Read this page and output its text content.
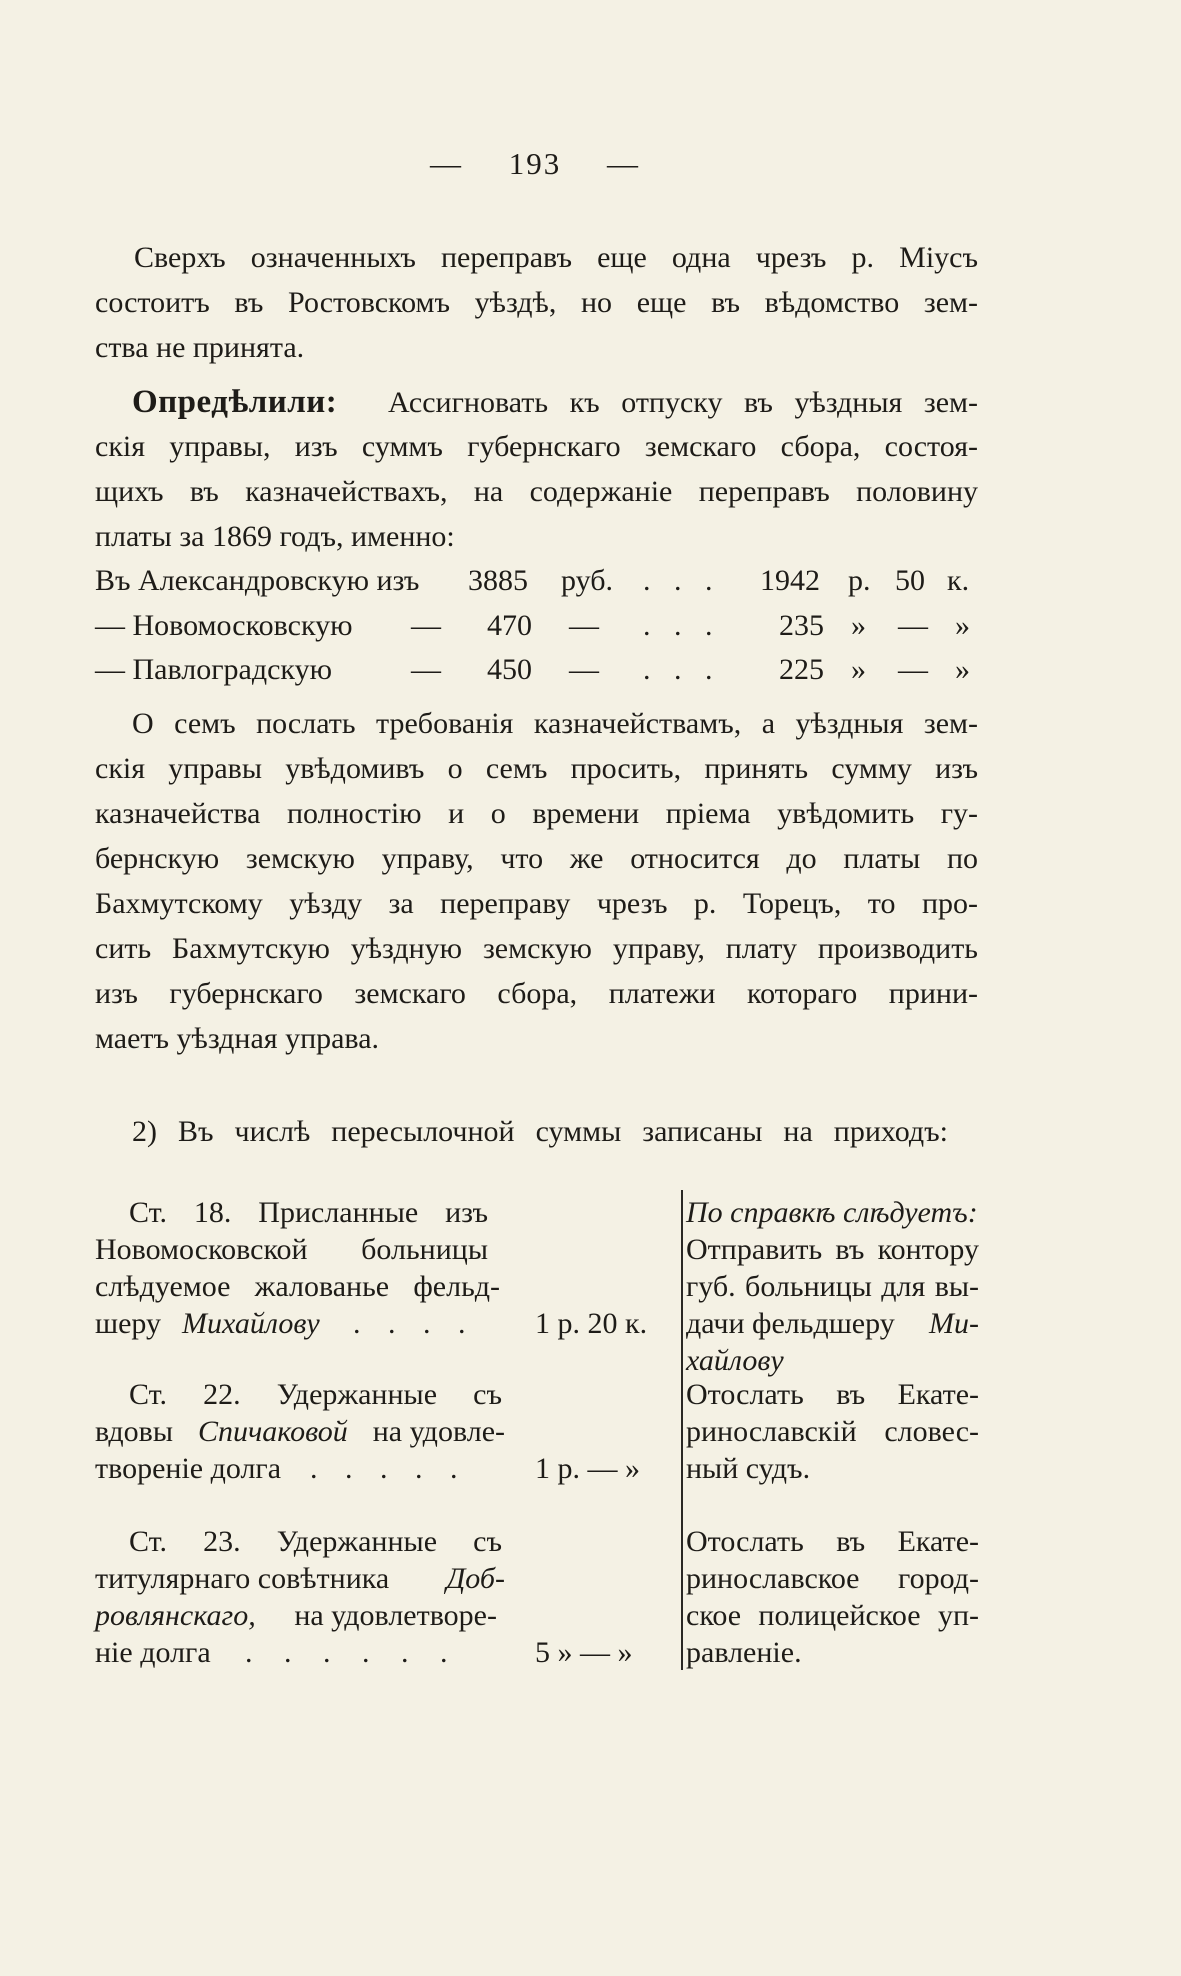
— 193 —
Сверхъ означенныхъ переправъ еще одна чрезъ р. Міусъ
состоитъ въ Ростовскомъ уѣздѣ, но еще въ вѣдомство зем-
ства не принята.
Опредѣлили: Ассигновать къ отпуску въ уѣздныя зем-
скія управы, изъ суммъ губернскаго земскаго сбора, состоя-
щихъ въ казначействахъ, на содержаніе переправъ половину
платы за 1869 годъ, именно:
Въ Александровскую изъ 3885 руб. . . . 1942 р. 50 к.
— Новомосковскую — 470 — . . . 235 » — »
— Павлоградскую	— 450 — . . . 225 » — »
О семъ послать требованія казначействамъ, а уѣздныя зем-
скія управы увѣдомивъ о семъ просить, принять сумму изъ
казначейства полностію и о времени пріема увѣдомить гу-
бернскую земскую управу, что же относится до платы по
Бахмутскому уѣзду за переправу чрезъ р. Торецъ, то про-
сить Бахмутскую уѣздную земскую управу, плату производить
изъ губернскаго земскаго сбора, платежи котораго прини-
маетъ уѣздная управа.
2) Въ числѣ пересылочной суммы записаны на приходъ:
Ст. 18. Присланные изъ
Новомосковской больницы
слѣдуемое жалованье фельд-
шеру Михайлову . . . . 1 р. 20 к.
Ст. 22. Удержанные съ
вдовы Спичаковой на удовле-
твореніе долга . . . . . 1 р. — »
Ст. 23. Удержанные съ
титулярнаго совѣтника Доб-
ровлянскаго, на удовлетворе-
ніе долга . . . . . .	5 » — »
По справкѣ слѣдуетъ:
Отправить въ контору
губ. больницы для вы-
дачи фельдшеру Ми-
хайлову
Отослать въ Екате-
ринославскій словес-
ный судъ.
Отослать въ Екате-
ринославское город-
ское полицейское уп-
равленіе.
